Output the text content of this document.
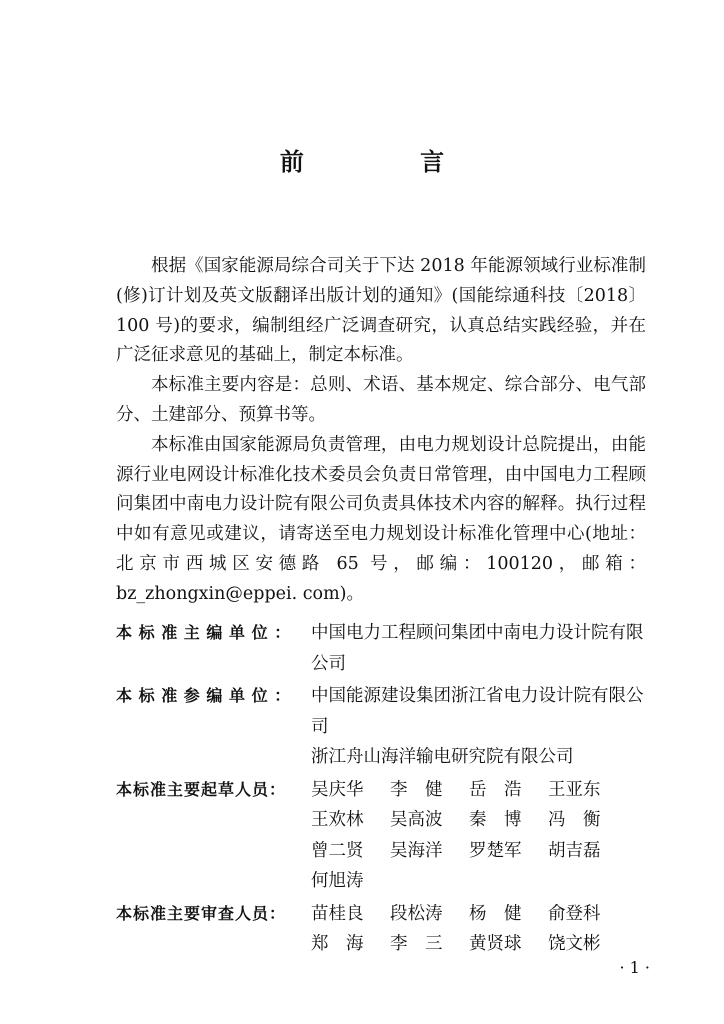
前 言

根据《国家能源局综合司关于下达 2018 年能源领域行业标准制(修)订计划及英文版翻译出版计划的通知》(国能综通科技〔2018〕100 号)的要求，编制组经广泛调查研究，认真总结实践经验，并在广泛征求意见的基础上，制定本标准。

本标准主要内容是：总则、术语、基本规定、综合部分、电气部分、土建部分、预算书等。

本标准由国家能源局负责管理，由电力规划设计总院提出，由能源行业电网设计标准化技术委员会负责日常管理，由中国电力工程顾问集团中南电力设计院有限公司负责具体技术内容的解释。执行过程中如有意见或建议，请寄送至电力规划设计标准化管理中心(地址：北京市西城区安德路 65 号，邮编：100120，邮箱：bz_zhongxin@eppei. com)。

本标准主编单位： 中国电力工程顾问集团中南电力设计院有限公司
本标准参编单位： 中国能源建设集团浙江省电力设计院有限公司
浙江舟山海洋输电研究院有限公司
本标准主要起草人员：	吴庆华	李　健	岳　浩	王亚东
王欢林	吴高波	秦　博	冯　衡
曾二贤	吴海洋	罗楚军	胡吉磊
何旭涛
本标准主要审查人员：	苗桂良	段松涛	杨　健	俞登科
郑　海	李　三	黄贤球	饶文彬
· 1 ·
